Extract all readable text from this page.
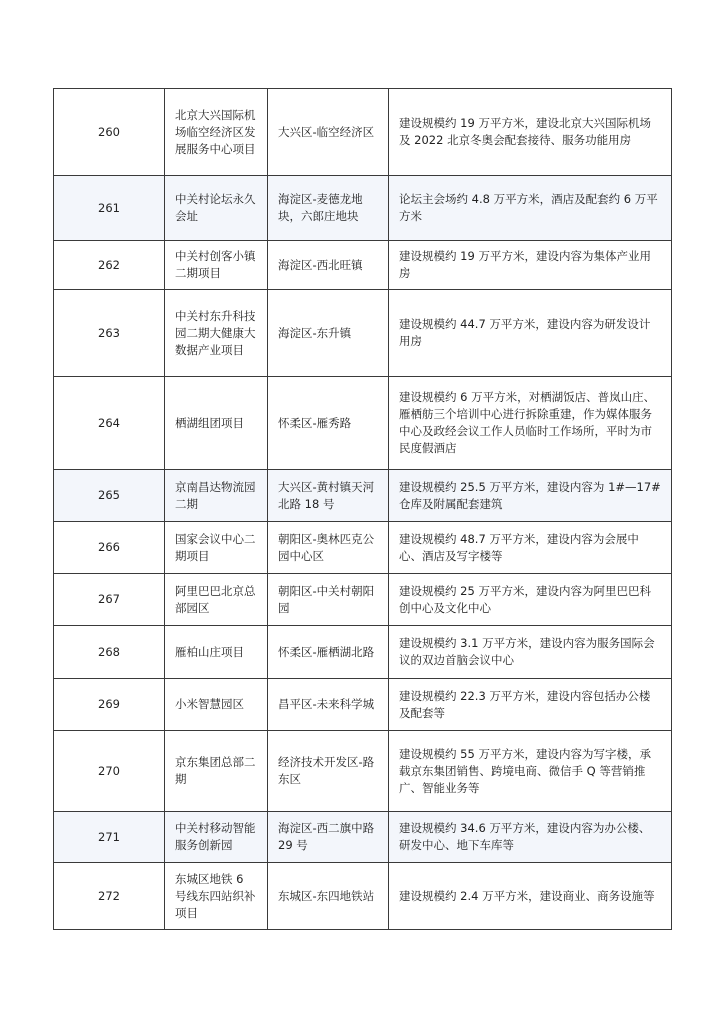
260	北京大兴国际机场临空经济区发展服务中心项目	大兴区-临空经济区	建设规模约 19 万平方米，建设北京大兴国际机场及 2022 北京冬奥会配套接待、服务功能用房
261	中关村论坛永久会址	海淀区-麦德龙地块，六郎庄地块	论坛主会场约 4.8 万平方米，酒店及配套约 6 万平方米
262	中关村创客小镇二期项目	海淀区-西北旺镇	建设规模约 19 万平方米，建设内容为集体产业用房
263	中关村东升科技园二期大健康大数据产业项目	海淀区-东升镇	建设规模约 44.7 万平方米，建设内容为研发设计用房
264	栖湖组团项目	怀柔区-雁秀路	建设规模约 6 万平方米，对栖湖饭店、普岚山庄、雁栖舫三个培训中心进行拆除重建，作为媒体服务中心及政经会议工作人员临时工作场所，平时为市民度假酒店
265	京南昌达物流园二期	大兴区-黄村镇天河北路 18 号	建设规模约 25.5 万平方米，建设内容为 1#—17#仓库及附属配套建筑
266	国家会议中心二期项目	朝阳区-奥林匹克公园中心区	建设规模约 48.7 万平方米，建设内容为会展中心、酒店及写字楼等
267	阿里巴巴北京总部园区	朝阳区-中关村朝阳园	建设规模约 25 万平方米，建设内容为阿里巴巴科创中心及文化中心
268	雁柏山庄项目	怀柔区-雁栖湖北路	建设规模约 3.1 万平方米，建设内容为服务国际会议的双边首脑会议中心
269	小米智慧园区	昌平区-未来科学城	建设规模约 22.3 万平方米，建设内容包括办公楼及配套等
270	京东集团总部二期	经济技术开发区-路东区	建设规模约 55 万平方米，建设内容为写字楼，承载京东集团销售、跨境电商、微信手 Q 等营销推广、智能业务等
271	中关村移动智能服务创新园	海淀区-西二旗中路 29 号	建设规模约 34.6 万平方米，建设内容为办公楼、研发中心、地下车库等
272	东城区地铁 6 号线东四站织补项目	东城区-东四地铁站	建设规模约 2.4 万平方米，建设商业、商务设施等
